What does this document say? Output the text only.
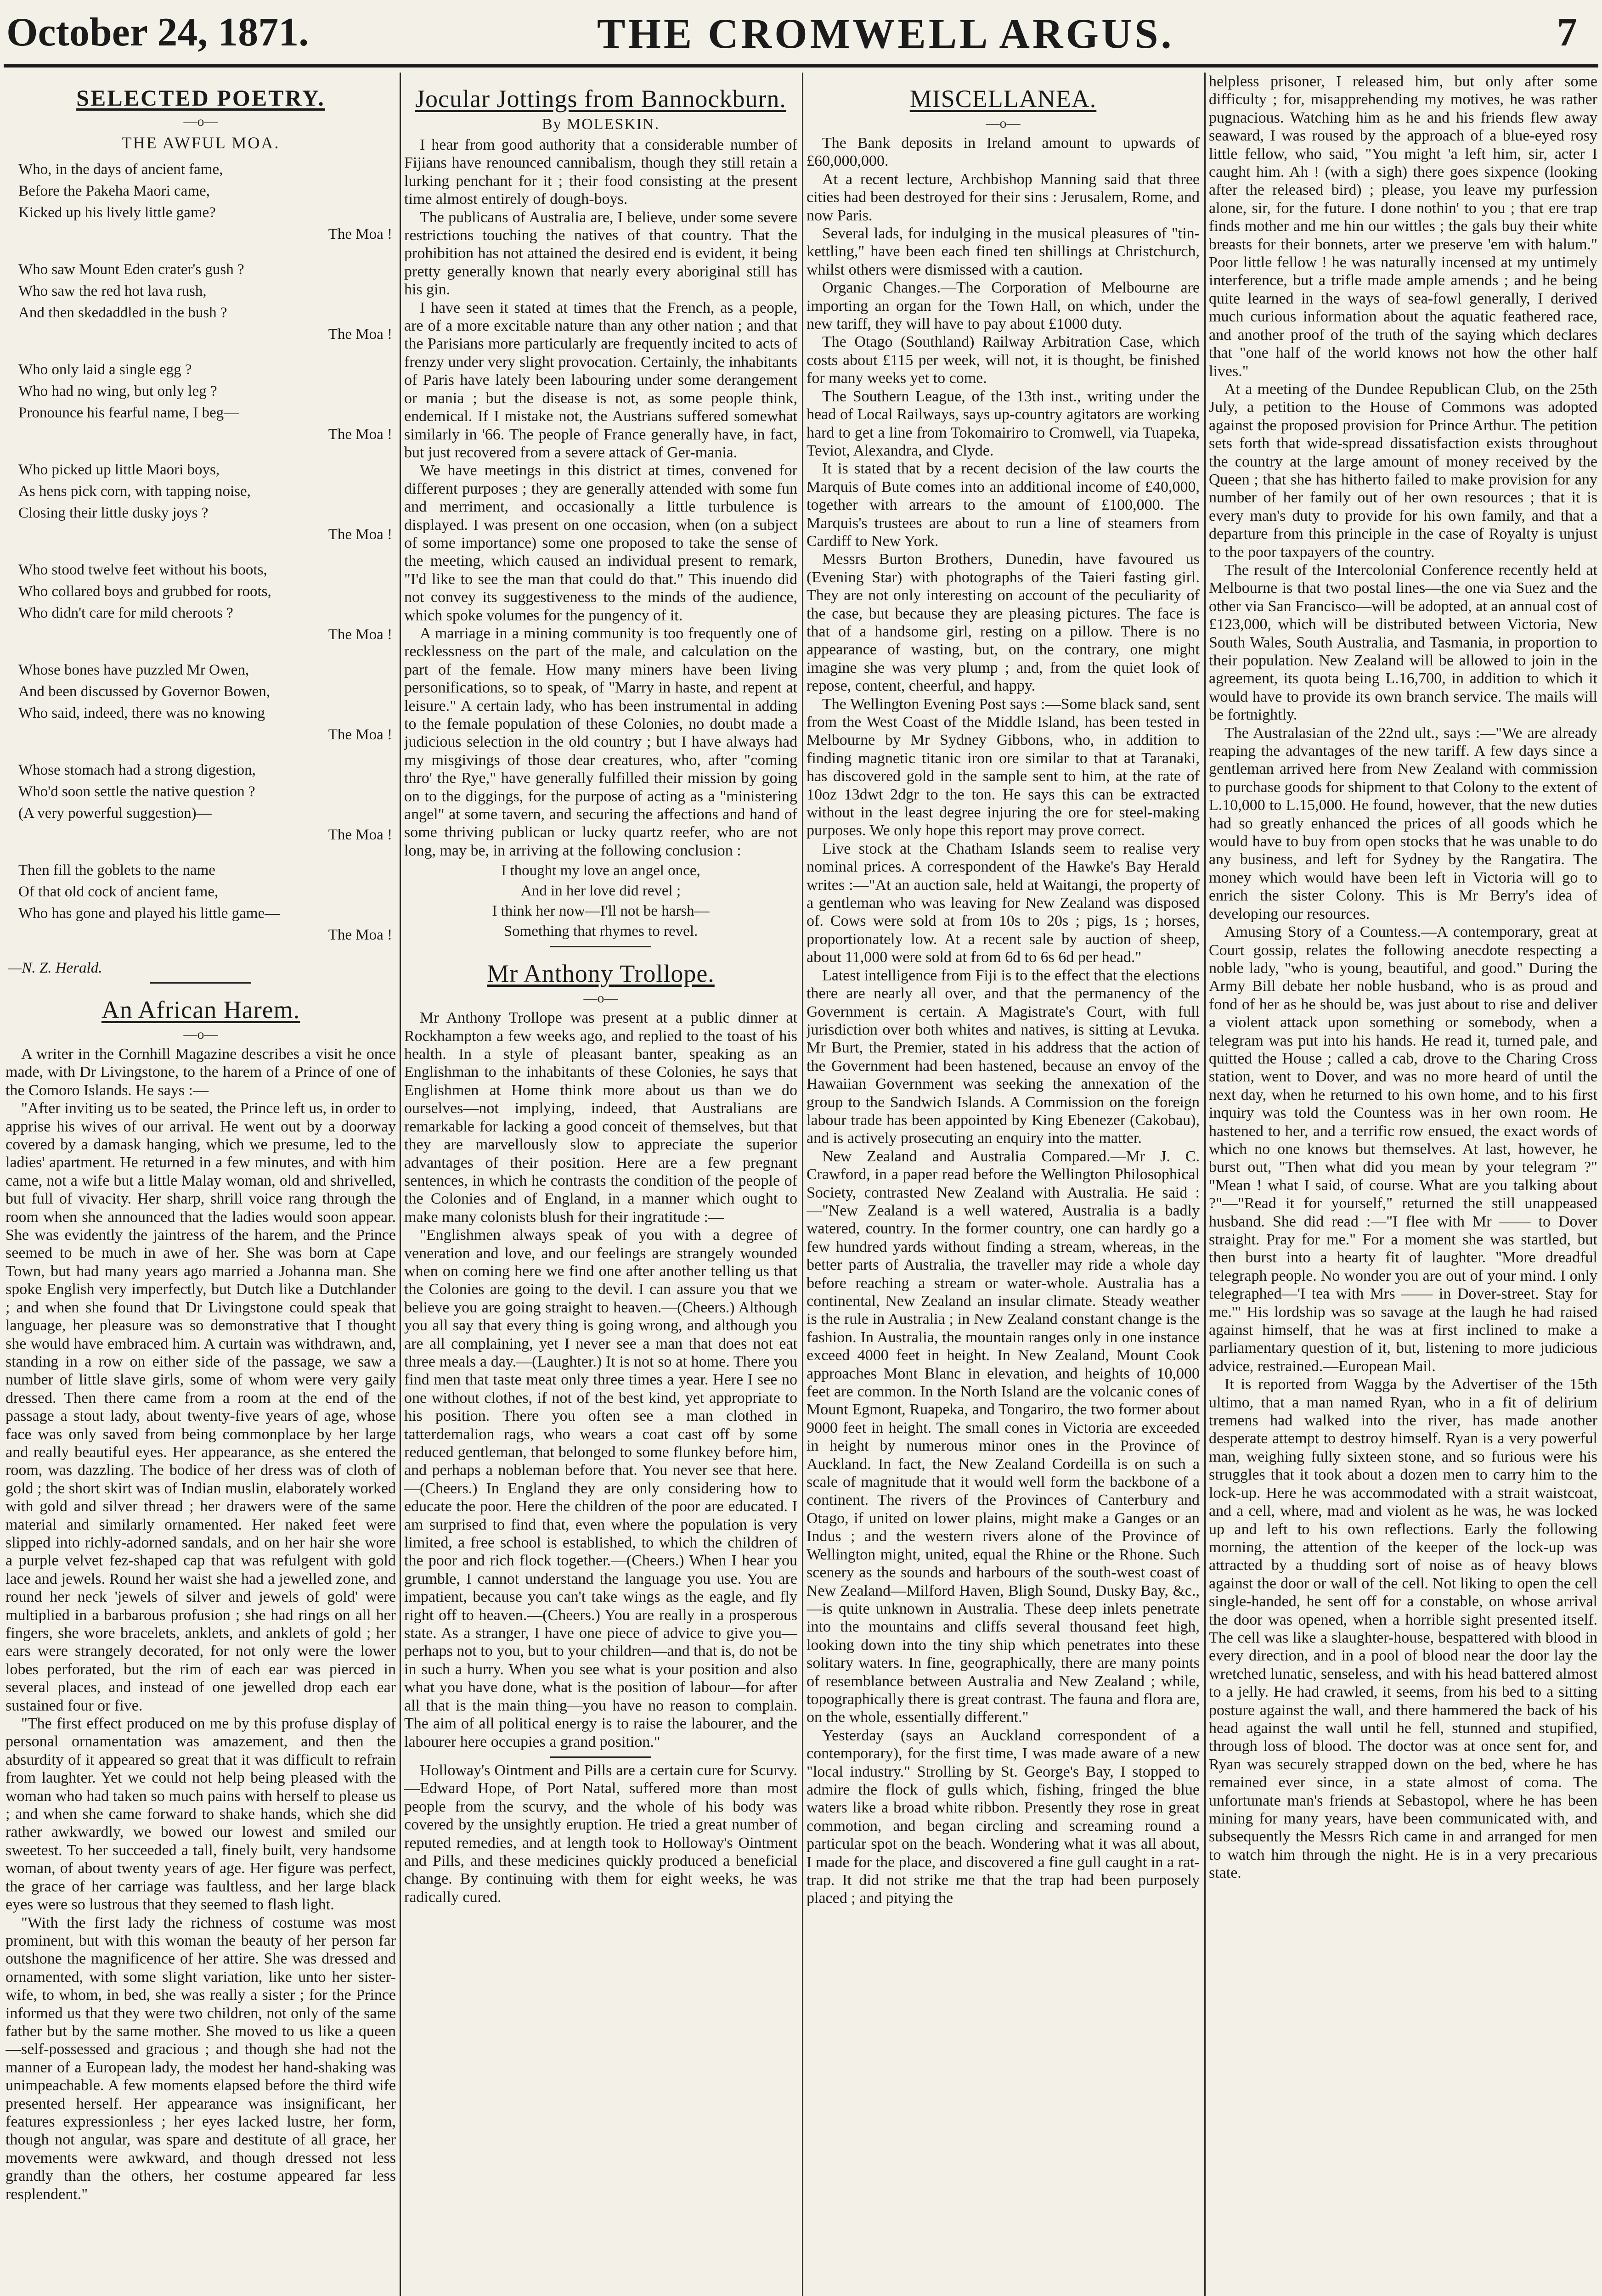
October 24, 1871.	THE CROMWELL ARGUS.	7
SELECTED POETRY.
—o—
THE AWFUL MOA.
Who, in the days of ancient fame,
Before the Pakeha Maori came,
Kicked up his lively little game?
The Moa !
Who saw Mount Eden crater's gush ?
Who saw the red hot lava rush,
And then skedaddled in the bush ?
The Moa !
Who only laid a single egg ?
Who had no wing, but only leg ?
Pronounce his fearful name, I beg—
The Moa !
Who picked up little Maori boys,
As hens pick corn, with tapping noise,
Closing their little dusky joys ?
The Moa !
Who stood twelve feet without his boots,
Who collared boys and grubbed for roots,
Who didn't care for mild cheroots ?
The Moa !
Whose bones have puzzled Mr Owen,
And been discussed by Governor Bowen,
Who said, indeed, there was no knowing
The Moa !
Whose stomach had a strong digestion,
Who'd soon settle the native question ?
(A very powerful suggestion)—
The Moa !
Then fill the goblets to the name
Of that old cock of ancient fame,
Who has gone and played his little game—
The Moa !
—N. Z. Herald.
An African Harem.
—o—

A writer in the Cornhill Magazine describes a visit he once made, with Dr Livingstone, to the harem of a Prince of one of the Comoro Islands. He says :—

"After inviting us to be seated, the Prince left us, in order to apprise his wives of our arrival. He went out by a doorway covered by a damask hanging, which we presume, led to the ladies' apartment. He returned in a few minutes, and with him came, not a wife but a little Malay woman, old and shrivelled, but full of vivacity. Her sharp, shrill voice rang through the room when she announced that the ladies would soon appear. She was evidently the jaintress of the harem, and the Prince seemed to be much in awe of her. She was born at Cape Town, but had many years ago married a Johanna man. She spoke English very imperfectly, but Dutch like a Dutchlander ; and when she found that Dr Livingstone could speak that language, her pleasure was so demonstrative that I thought she would have embraced him. A curtain was withdrawn, and, standing in a row on either side of the passage, we saw a number of little slave girls, some of whom were very gaily dressed. Then there came from a room at the end of the passage a stout lady, about twenty-five years of age, whose face was only saved from being commonplace by her large and really beautiful eyes. Her appearance, as she entered the room, was dazzling. The bodice of her dress was of cloth of gold ; the short skirt was of Indian muslin, elaborately worked with gold and silver thread ; her drawers were of the same material and similarly ornamented. Her naked feet were slipped into richly-adorned sandals, and on her hair she wore a purple velvet fez-shaped cap that was refulgent with gold lace and jewels. Round her waist she had a jewelled zone, and round her neck 'jewels of silver and jewels of gold' were multiplied in a barbarous profusion ; she had rings on all her fingers, she wore bracelets, anklets, and anklets of gold ; her ears were strangely decorated, for not only were the lower lobes perforated, but the rim of each ear was pierced in several places, and instead of one jewelled drop each ear sustained four or five.

"The first effect produced on me by this profuse display of personal ornamentation was amazement, and then the absurdity of it appeared so great that it was difficult to refrain from laughter. Yet we could not help being pleased with the woman who had taken so much pains with herself to please us ; and when she came forward to shake hands, which she did rather awkwardly, we bowed our lowest and smiled our sweetest. To her succeeded a tall, finely built, very handsome woman, of about twenty years of age. Her figure was perfect, the grace of her carriage was faultless, and her large black eyes were so lustrous that they seemed to flash light.

"With the first lady the richness of costume was most prominent, but with this woman the beauty of her person far outshone the magnificence of her attire. She was dressed and ornamented, with some slight variation, like unto her sister-wife, to whom, in bed, she was really a sister ; for the Prince informed us that they were two children, not only of the same father but by the same mother. She moved to us like a queen—self-possessed and gracious ; and though she had not the manner of a European lady, the modest her hand-shaking was unimpeachable. A few moments elapsed before the third wife presented herself. Her appearance was insignificant, her features expressionless ; her eyes lacked lustre, her form, though not angular, was spare and destitute of all grace, her movements were awkward, and though dressed not less grandly than the others, her costume appeared far less resplendent."

Jocular Jottings from Bannockburn.
By MOLESKIN.

I hear from good authority that a considerable number of Fijians have renounced cannibalism, though they still retain a lurking penchant for it ; their food consisting at the present time almost entirely of dough-boys.

The publicans of Australia are, I believe, under some severe restrictions touching the natives of that country. That the prohibition has not attained the desired end is evident, it being pretty generally known that nearly every aboriginal still has his gin.

I have seen it stated at times that the French, as a people, are of a more excitable nature than any other nation ; and that the Parisians more particularly are frequently incited to acts of frenzy under very slight provocation. Certainly, the inhabitants of Paris have lately been labouring under some derangement or mania ; but the disease is not, as some people think, endemical. If I mistake not, the Austrians suffered somewhat similarly in '66. The people of France generally have, in fact, but just recovered from a severe attack of Ger-mania.

We have meetings in this district at times, convened for different purposes ; they are generally attended with some fun and merriment, and occasionally a little turbulence is displayed. I was present on one occasion, when (on a subject of some importance) some one proposed to take the sense of the meeting, which caused an individual present to remark, "I'd like to see the man that could do that." This inuendo did not convey its suggestiveness to the minds of the audience, which spoke volumes for the pungency of it.

A marriage in a mining community is too frequently one of recklessness on the part of the male, and calculation on the part of the female. How many miners have been living personifications, so to speak, of "Marry in haste, and repent at leisure." A certain lady, who has been instrumental in adding to the female population of these Colonies, no doubt made a judicious selection in the old country ; but I have always had my misgivings of those dear creatures, who, after "coming thro' the Rye," have generally fulfilled their mission by going on to the diggings, for the purpose of acting as a "ministering angel" at some tavern, and securing the affections and hand of some thriving publican or lucky quartz reefer, who are not long, may be, in arriving at the following conclusion :

I thought my love an angel once,
And in her love did revel ;
I think her now—I'll not be harsh—
Something that rhymes to revel.
Mr Anthony Trollope.
—o—

Mr Anthony Trollope was present at a public dinner at Rockhampton a few weeks ago, and replied to the toast of his health. In a style of pleasant banter, speaking as an Englishman to the inhabitants of these Colonies, he says that Englishmen at Home think more about us than we do ourselves—not implying, indeed, that Australians are remarkable for lacking a good conceit of themselves, but that they are marvellously slow to appreciate the superior advantages of their position. Here are a few pregnant sentences, in which he contrasts the condition of the people of the Colonies and of England, in a manner which ought to make many colonists blush for their ingratitude :—

"Englishmen always speak of you with a degree of veneration and love, and our feelings are strangely wounded when on coming here we find one after another telling us that the Colonies are going to the devil. I can assure you that we believe you are going straight to heaven.—(Cheers.) Although you all say that every thing is going wrong, and although you are all complaining, yet I never see a man that does not eat three meals a day.—(Laughter.) It is not so at home. There you find men that taste meat only three times a year. Here I see no one without clothes, if not of the best kind, yet appropriate to his position. There you often see a man clothed in tatterdemalion rags, who wears a coat cast off by some reduced gentleman, that belonged to some flunkey before him, and perhaps a nobleman before that. You never see that here.—(Cheers.) In England they are only considering how to educate the poor. Here the children of the poor are educated. I am surprised to find that, even where the population is very limited, a free school is established, to which the children of the poor and rich flock together.—(Cheers.) When I hear you grumble, I cannot understand the language you use. You are impatient, because you can't take wings as the eagle, and fly right off to heaven.—(Cheers.) You are really in a prosperous state. As a stranger, I have one piece of advice to give you—perhaps not to you, but to your children—and that is, do not be in such a hurry. When you see what is your position and also what you have done, what is the position of labour—for after all that is the main thing—you have no reason to complain. The aim of all political energy is to raise the labourer, and the labourer here occupies a grand position."

Holloway's Ointment and Pills are a certain cure for Scurvy.—Edward Hope, of Port Natal, suffered more than most people from the scurvy, and the whole of his body was covered by the unsightly eruption. He tried a great number of reputed remedies, and at length took to Holloway's Ointment and Pills, and these medicines quickly produced a beneficial change. By continuing with them for eight weeks, he was radically cured.

MISCELLANEA.
—o—

The Bank deposits in Ireland amount to upwards of £60,000,000.

At a recent lecture, Archbishop Manning said that three cities had been destroyed for their sins : Jerusalem, Rome, and now Paris.

Several lads, for indulging in the musical pleasures of "tin-kettling," have been each fined ten shillings at Christchurch, whilst others were dismissed with a caution.

Organic Changes.—The Corporation of Melbourne are importing an organ for the Town Hall, on which, under the new tariff, they will have to pay about £1000 duty.

The Otago (Southland) Railway Arbitration Case, which costs about £115 per week, will not, it is thought, be finished for many weeks yet to come.

The Southern League, of the 13th inst., writing under the head of Local Railways, says up-country agitators are working hard to get a line from Tokomairiro to Cromwell, via Tuapeka, Teviot, Alexandra, and Clyde.

It is stated that by a recent decision of the law courts the Marquis of Bute comes into an additional income of £40,000, together with arrears to the amount of £100,000. The Marquis's trustees are about to run a line of steamers from Cardiff to New York.

Messrs Burton Brothers, Dunedin, have favoured us (Evening Star) with photographs of the Taieri fasting girl. They are not only interesting on account of the peculiarity of the case, but because they are pleasing pictures. The face is that of a handsome girl, resting on a pillow. There is no appearance of wasting, but, on the contrary, one might imagine she was very plump ; and, from the quiet look of repose, content, cheerful, and happy.

The Wellington Evening Post says :—Some black sand, sent from the West Coast of the Middle Island, has been tested in Melbourne by Mr Sydney Gibbons, who, in addition to finding magnetic titanic iron ore similar to that at Taranaki, has discovered gold in the sample sent to him, at the rate of 10oz 13dwt 2dgr to the ton. He says this can be extracted without in the least degree injuring the ore for steel-making purposes. We only hope this report may prove correct.

Live stock at the Chatham Islands seem to realise very nominal prices. A correspondent of the Hawke's Bay Herald writes :—"At an auction sale, held at Waitangi, the property of a gentleman who was leaving for New Zealand was disposed of. Cows were sold at from 10s to 20s ; pigs, 1s ; horses, proportionately low. At a recent sale by auction of sheep, about 11,000 were sold at from 6d to 6s 6d per head."

Latest intelligence from Fiji is to the effect that the elections there are nearly all over, and that the permanency of the Government is certain. A Magistrate's Court, with full jurisdiction over both whites and natives, is sitting at Levuka. Mr Burt, the Premier, stated in his address that the action of the Government had been hastened, because an envoy of the Hawaiian Government was seeking the annexation of the group to the Sandwich Islands. A Commission on the foreign labour trade has been appointed by King Ebenezer (Cakobau), and is actively prosecuting an enquiry into the matter.

New Zealand and Australia Compared.—Mr J. C. Crawford, in a paper read before the Wellington Philosophical Society, contrasted New Zealand with Australia. He said :—"New Zealand is a well watered, Australia is a badly watered, country. In the former country, one can hardly go a few hundred yards without finding a stream, whereas, in the better parts of Australia, the traveller may ride a whole day before reaching a stream or water-whole. Australia has a continental, New Zealand an insular climate. Steady weather is the rule in Australia ; in New Zealand constant change is the fashion. In Australia, the mountain ranges only in one instance exceed 4000 feet in height. In New Zealand, Mount Cook approaches Mont Blanc in elevation, and heights of 10,000 feet are common. In the North Island are the volcanic cones of Mount Egmont, Ruapeka, and Tongariro, the two former about 9000 feet in height. The small cones in Victoria are exceeded in height by numerous minor ones in the Province of Auckland. In fact, the New Zealand Cordeilla is on such a scale of magnitude that it would well form the backbone of a continent. The rivers of the Provinces of Canterbury and Otago, if united on lower plains, might make a Ganges or an Indus ; and the western rivers alone of the Province of Wellington might, united, equal the Rhine or the Rhone. Such scenery as the sounds and harbours of the south-west coast of New Zealand—Milford Haven, Bligh Sound, Dusky Bay, &c.,—is quite unknown in Australia. These deep inlets penetrate into the mountains and cliffs several thousand feet high, looking down into the tiny ship which penetrates into these solitary waters. In fine, geographically, there are many points of resemblance between Australia and New Zealand ; while, topographically there is great contrast. The fauna and flora are, on the whole, essentially different."

Yesterday (says an Auckland correspondent of a contemporary), for the first time, I was made aware of a new "local industry." Strolling by St. George's Bay, I stopped to admire the flock of gulls which, fishing, fringed the blue waters like a broad white ribbon. Presently they rose in great commotion, and began circling and screaming round a particular spot on the beach. Wondering what it was all about, I made for the place, and discovered a fine gull caught in a rat-trap. It did not strike me that the trap had been purposely placed ; and pitying the

helpless prisoner, I released him, but only after some difficulty ; for, misapprehending my motives, he was rather pugnacious. Watching him as he and his friends flew away seaward, I was roused by the approach of a blue-eyed rosy little fellow, who said, "You might 'a left him, sir, acter I caught him. Ah ! (with a sigh) there goes sixpence (looking after the released bird) ; please, you leave my purfession alone, sir, for the future. I done nothin' to you ; that ere trap finds mother and me hin our wittles ; the gals buy their white breasts for their bonnets, arter we preserve 'em with halum." Poor little fellow ! he was naturally incensed at my untimely interference, but a trifle made ample amends ; and he being quite learned in the ways of sea-fowl generally, I derived much curious information about the aquatic feathered race, and another proof of the truth of the saying which declares that "one half of the world knows not how the other half lives."

At a meeting of the Dundee Republican Club, on the 25th July, a petition to the House of Commons was adopted against the proposed provision for Prince Arthur. The petition sets forth that wide-spread dissatisfaction exists throughout the country at the large amount of money received by the Queen ; that she has hitherto failed to make provision for any number of her family out of her own resources ; that it is every man's duty to provide for his own family, and that a departure from this principle in the case of Royalty is unjust to the poor taxpayers of the country.

The result of the Intercolonial Conference recently held at Melbourne is that two postal lines—the one via Suez and the other via San Francisco—will be adopted, at an annual cost of £123,000, which will be distributed between Victoria, New South Wales, South Australia, and Tasmania, in proportion to their population. New Zealand will be allowed to join in the agreement, its quota being L.16,700, in addition to which it would have to provide its own branch service. The mails will be fortnightly.

The Australasian of the 22nd ult., says :—"We are already reaping the advantages of the new tariff. A few days since a gentleman arrived here from New Zealand with commission to purchase goods for shipment to that Colony to the extent of L.10,000 to L.15,000. He found, however, that the new duties had so greatly enhanced the prices of all goods which he would have to buy from open stocks that he was unable to do any business, and left for Sydney by the Rangatira. The money which would have been left in Victoria will go to enrich the sister Colony. This is Mr Berry's idea of developing our resources.

Amusing Story of a Countess.—A contemporary, great at Court gossip, relates the following anecdote respecting a noble lady, "who is young, beautiful, and good." During the Army Bill debate her noble husband, who is as proud and fond of her as he should be, was just about to rise and deliver a violent attack upon something or somebody, when a telegram was put into his hands. He read it, turned pale, and quitted the House ; called a cab, drove to the Charing Cross station, went to Dover, and was no more heard of until the next day, when he returned to his own home, and to his first inquiry was told the Countess was in her own room. He hastened to her, and a terrific row ensued, the exact words of which no one knows but themselves. At last, however, he burst out, "Then what did you mean by your telegram ?" "Mean ! what I said, of course. What are you talking about ?"—"Read it for yourself," returned the still unappeased husband. She did read :—"I flee with Mr —— to Dover straight. Pray for me." For a moment she was startled, but then burst into a hearty fit of laughter. "More dreadful telegraph people. No wonder you are out of your mind. I only telegraphed—'I tea with Mrs —— in Dover-street. Stay for me.'" His lordship was so savage at the laugh he had raised against himself, that he was at first inclined to make a parliamentary question of it, but, listening to more judicious advice, restrained.—European Mail.

It is reported from Wagga by the Advertiser of the 15th ultimo, that a man named Ryan, who in a fit of delirium tremens had walked into the river, has made another desperate attempt to destroy himself. Ryan is a very powerful man, weighing fully sixteen stone, and so furious were his struggles that it took about a dozen men to carry him to the lock-up. Here he was accommodated with a strait waistcoat, and a cell, where, mad and violent as he was, he was locked up and left to his own reflections. Early the following morning, the attention of the keeper of the lock-up was attracted by a thudding sort of noise as of heavy blows against the door or wall of the cell. Not liking to open the cell single-handed, he sent off for a constable, on whose arrival the door was opened, when a horrible sight presented itself. The cell was like a slaughter-house, bespattered with blood in every direction, and in a pool of blood near the door lay the wretched lunatic, senseless, and with his head battered almost to a jelly. He had crawled, it seems, from his bed to a sitting posture against the wall, and there hammered the back of his head against the wall until he fell, stunned and stupified, through loss of blood. The doctor was at once sent for, and Ryan was securely strapped down on the bed, where he has remained ever since, in a state almost of coma. The unfortunate man's friends at Sebastopol, where he has been mining for many years, have been communicated with, and subsequently the Messrs Rich came in and arranged for men to watch him through the night. He is in a very precarious state.
